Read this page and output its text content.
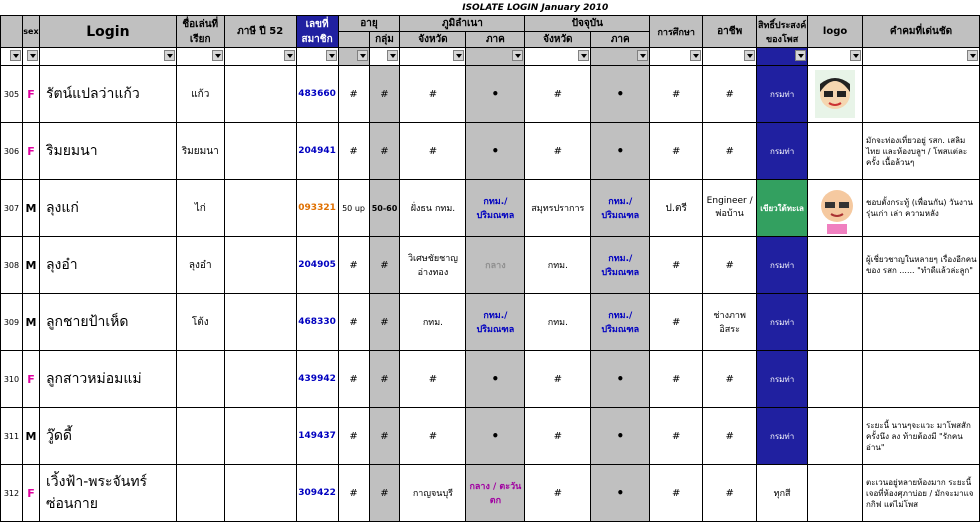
				ISOLATE LOGIN January 2010												
	sex	Login	ชื่อเล่นที่เรียก	ภาษี ปี 52	เลขที่สมาชิก	อายุ		ภูมิลำเนา		ปัจจุบัน		การศึกษา	อาชีพ	สิทธิ์ประสงค์ของโพส	logo	คำคมที่เด่นชัด
							กลุ่ม	จังหวัด	ภาค	จังหวัด	ภาค					

305	F	รัตน์แปลว่าแก้ว	แก้ว		483660	#	#	#	•	#	•	#	#	กรมท่า	

306	F	ริมยมนา	ริมยมนา		204941	#	#	#	•	#	•	#	#	กรมท่า		มักจะท่องเที่ยวอยู่ รสก. เสลิมไทย และห้องบลูฯ / โพสแต่ละครั้ง เนื้อล้วนๆ
307	M	ลุงแก่	ไก่		093321	50 up	50-60	ฝั่งธน กทม.	กทม./ ปริมณฑล	สมุทรปราการ	กทม./ ปริมณฑล	ป.ตรี	Engineer / พ่อบ้าน	เขียวใต้ทะเล		ชอบตั้งกระทู้ (เพื่อนกัน) วันงาน รุ่นเก่า เล่า ความหลัง
308	M	ลุงอ๋า	ลุงอ๋า		204905	#	#	วิเศษชัยชาญ อ่างทอง	กลาง	กทม.	กทม./ ปริมณฑล	#	#	กรมท่า		ผู้เชี่ยวชาญในหลายๆ เรื่องอีกคนของ รสก ...... "ทำดีแล้วล่ะลูก"
309	M	ลูกชายป้าเห็ด	โต้ง		468330	#	#	กทม.	กทม./ ปริมณฑล	กทม.	กทม./ ปริมณฑล	#	ช่างภาพ อิสระ	กรมท่า		
310	F	ลูกสาวหม่อมแม่			439942	#	#	#	•	#	•	#	#	กรมท่า		
311	M	วู๊ดดี้			149437	#	#	#	•	#	•	#	#	กรมท่า		ระยะนี้ นานๆจะแวะ มาโพสสักครั้งนึง ลง ท้ายต้องมี "รักคนอ่าน"
312	F	เวิ้งฟ้า-พระจันทร์ ซ่อนกาย			309422	#	#	กาญจนบุรี	กลาง / ตะวันตก	#	•	#	#	ทุกสี		ตะเวนอยู่หลายห้องมาก ระยะนี้เจอที่ห้องศุภาบ่อย / มักจะมาแจกกิฟ แต่ไม่โพส
